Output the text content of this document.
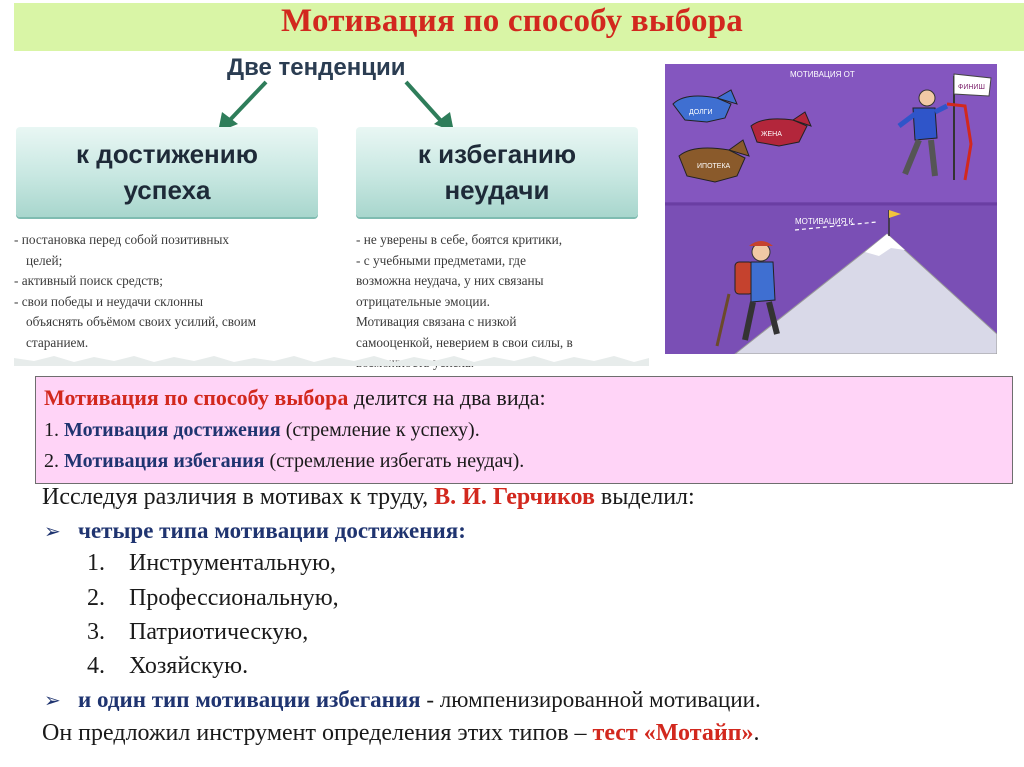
Мотивация по способу выбора
Две тенденции
к достижению
успеха
к избеганию
неудачи
- постановка перед собой позитивных
целей;
- активный поиск средств;
- свои победы и неудачи склонны
объяснять объёмом своих усилий, своим
старанием.
- не уверены в себе, боятся критики,
- с учебными предметами, где
возможна неудача, у них связаны
отрицательные эмоции.
Мотивация связана с низкой
самооценкой, неверием в свои силы, в
МОТИВАЦИЯ ОТ
ФИНИШ
ДОЛГИ
ЖЕНА
ИПОТЕКА
МОТИВАЦИЯ К
Мотивация по способу выбора делится на два вида:
1. Мотивация достижения (стремление к успеху).
2. Мотивация избегания (стремление избегать неудач).
Исследуя различия в мотивах к труду, В. И. Герчиков выделил:
➢ четыре типа мотивации достижения:
1. Инструментальную,
2. Профессиональную,
3. Патриотическую,
4. Хозяйскую.
➢ и один тип мотивации избегания - люмпенизированной мотивации.
Он предложил инструмент определения этих типов – тест «Мотайп».
